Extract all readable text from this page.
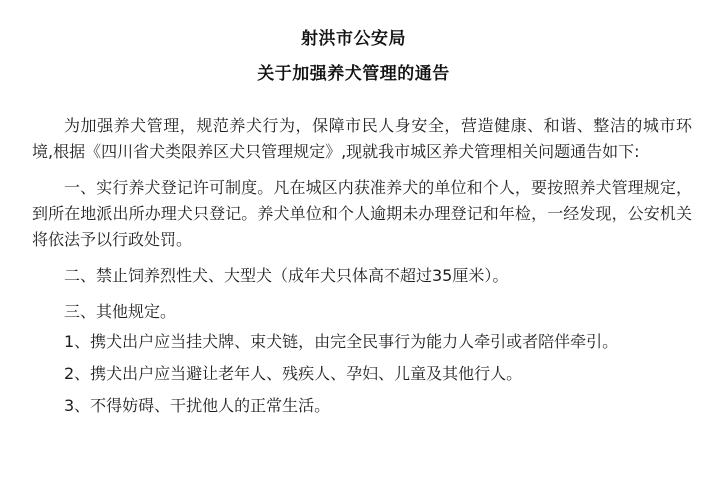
射洪市公安局
关于加强养犬管理的通告

为加强养犬管理，规范养犬行为，保障市民人身安全，营造健康、和谐、整洁的城市环境,根据《四川省犬类限养区犬只管理规定》,现就我市城区养犬管理相关问题通告如下:

一、实行养犬登记许可制度。凡在城区内获准养犬的单位和个人，要按照养犬管理规定，到所在地派出所办理犬只登记。养犬单位和个人逾期未办理登记和年检，一经发现，公安机关将依法予以行政处罚。

二、禁止饲养烈性犬、大型犬（成年犬只体高不超过35厘米）。

三、其他规定。

1、携犬出户应当挂犬牌、束犬链，由完全民事行为能力人牵引或者陪伴牵引。

2、携犬出户应当避让老年人、残疾人、孕妇、儿童及其他行人。

3、不得妨碍、干扰他人的正常生活。
